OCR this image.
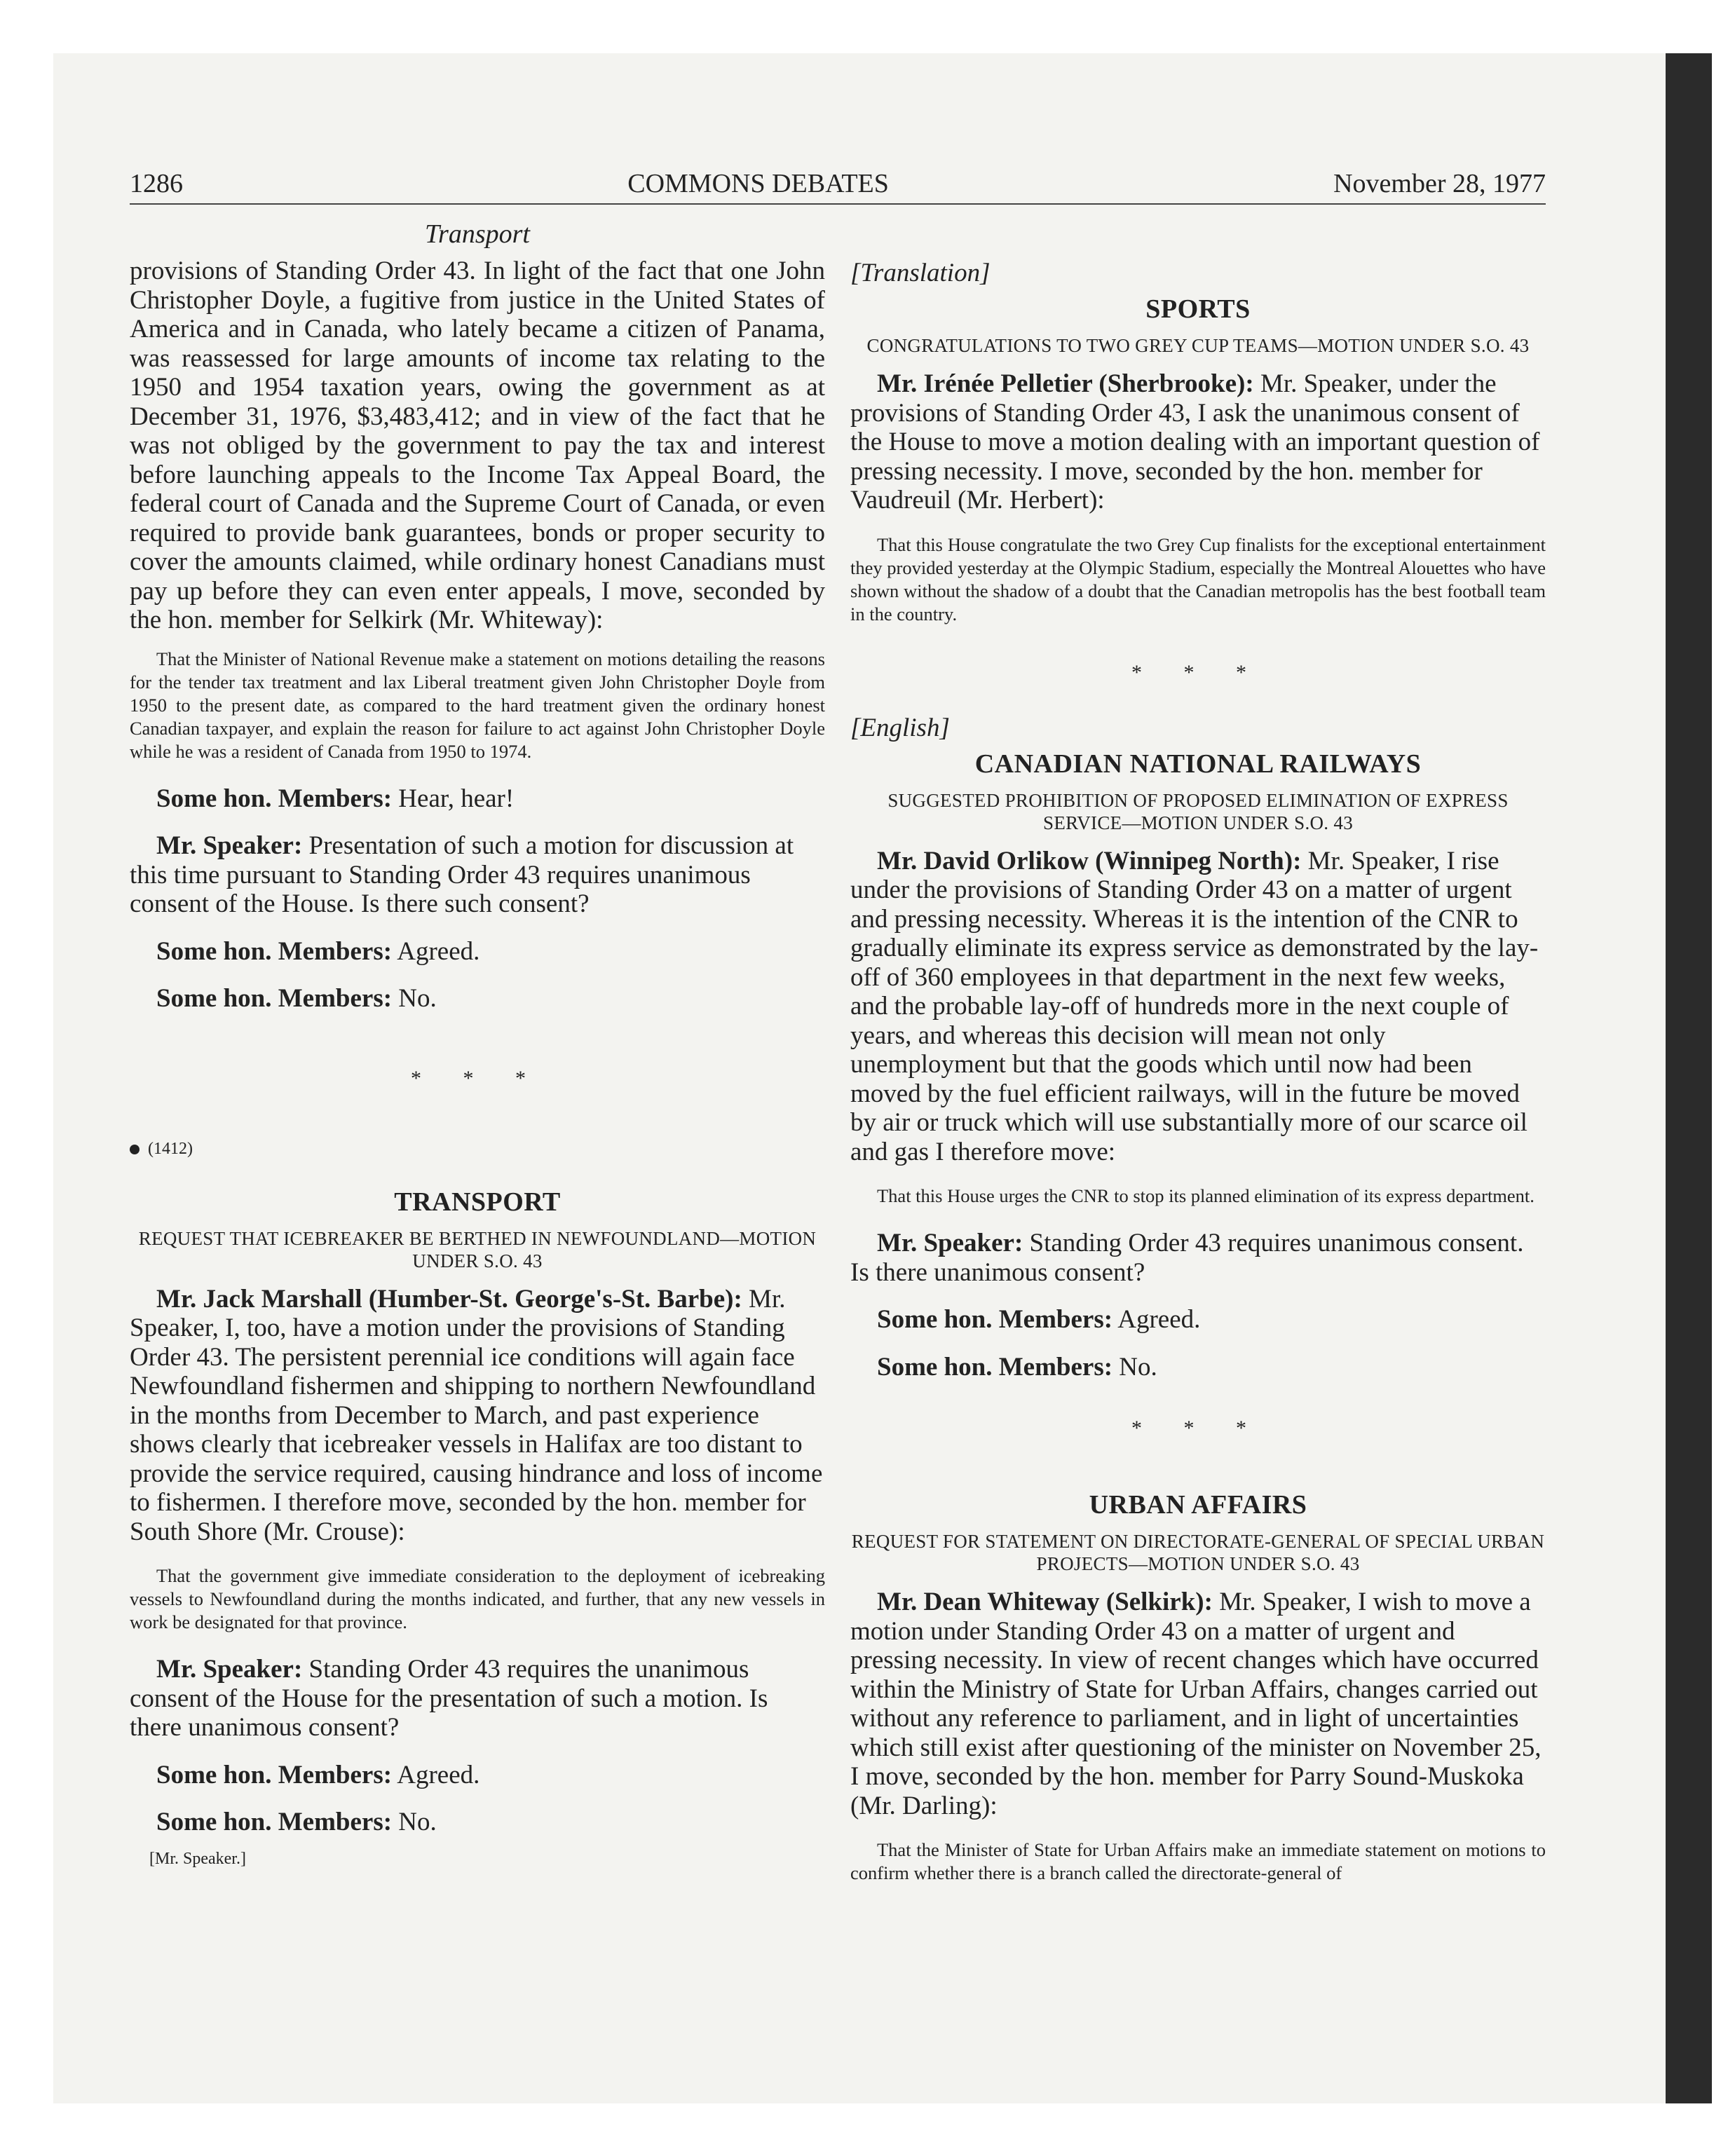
1286	COMMONS DEBATES	November 28, 1977

Transport

provisions of Standing Order 43. In light of the fact that one John Christopher Doyle, a fugitive from justice in the United States of America and in Canada, who lately became a citizen of Panama, was reassessed for large amounts of income tax relating to the 1950 and 1954 taxation years, owing the government as at December 31, 1976, $3,483,412; and in view of the fact that he was not obliged by the government to pay the tax and interest before launching appeals to the Income Tax Appeal Board, the federal court of Canada and the Supreme Court of Canada, or even required to provide bank guarantees, bonds or proper security to cover the amounts claimed, while ordinary honest Canadians must pay up before they can even enter appeals, I move, seconded by the hon. member for Selkirk (Mr. Whiteway):

That the Minister of National Revenue make a statement on motions detailing the reasons for the tender tax treatment and lax Liberal treatment given John Christopher Doyle from 1950 to the present date, as compared to the hard treatment given the ordinary honest Canadian taxpayer, and explain the reason for failure to act against John Christopher Doyle while he was a resident of Canada from 1950 to 1974.

Some hon. Members: Hear, hear!

Mr. Speaker: Presentation of such a motion for discussion at this time pursuant to Standing Order 43 requires unanimous consent of the House. Is there such consent?

Some hon. Members: Agreed.

Some hon. Members: No.

* * *
(1412)
TRANSPORT
REQUEST THAT ICEBREAKER BE BERTHED IN NEWFOUNDLAND—MOTION UNDER S.O. 43

Mr. Jack Marshall (Humber-St. George's-St. Barbe): Mr. Speaker, I, too, have a motion under the provisions of Standing Order 43. The persistent perennial ice conditions will again face Newfoundland fishermen and shipping to northern Newfoundland in the months from December to March, and past experience shows clearly that icebreaker vessels in Halifax are too distant to provide the service required, causing hindrance and loss of income to fishermen. I therefore move, seconded by the hon. member for South Shore (Mr. Crouse):

That the government give immediate consideration to the deployment of icebreaking vessels to Newfoundland during the months indicated, and further, that any new vessels in work be designated for that province.

Mr. Speaker: Standing Order 43 requires the unanimous consent of the House for the presentation of such a motion. Is there unanimous consent?

Some hon. Members: Agreed.

Some hon. Members: No.

[Mr. Speaker.]

[Translation]

SPORTS
CONGRATULATIONS TO TWO GREY CUP TEAMS—MOTION UNDER S.O. 43

Mr. Irénée Pelletier (Sherbrooke): Mr. Speaker, under the provisions of Standing Order 43, I ask the unanimous consent of the House to move a motion dealing with an important question of pressing necessity. I move, seconded by the hon. member for Vaudreuil (Mr. Herbert):

That this House congratulate the two Grey Cup finalists for the exceptional entertainment they provided yesterday at the Olympic Stadium, especially the Montreal Alouettes who have shown without the shadow of a doubt that the Canadian metropolis has the best football team in the country.

* * *

[English]

CANADIAN NATIONAL RAILWAYS
SUGGESTED PROHIBITION OF PROPOSED ELIMINATION OF EXPRESS SERVICE—MOTION UNDER S.O. 43

Mr. David Orlikow (Winnipeg North): Mr. Speaker, I rise under the provisions of Standing Order 43 on a matter of urgent and pressing necessity. Whereas it is the intention of the CNR to gradually eliminate its express service as demonstrated by the lay-off of 360 employees in that department in the next few weeks, and the probable lay-off of hundreds more in the next couple of years, and whereas this decision will mean not only unemployment but that the goods which until now had been moved by the fuel efficient railways, will in the future be moved by air or truck which will use substantially more of our scarce oil and gas I therefore move:

That this House urges the CNR to stop its planned elimination of its express department.

Mr. Speaker: Standing Order 43 requires unanimous consent. Is there unanimous consent?

Some hon. Members: Agreed.

Some hon. Members: No.

* * *
URBAN AFFAIRS
REQUEST FOR STATEMENT ON DIRECTORATE-GENERAL OF SPECIAL URBAN PROJECTS—MOTION UNDER S.O. 43

Mr. Dean Whiteway (Selkirk): Mr. Speaker, I wish to move a motion under Standing Order 43 on a matter of urgent and pressing necessity. In view of recent changes which have occurred within the Ministry of State for Urban Affairs, changes carried out without any reference to parliament, and in light of uncertainties which still exist after questioning of the minister on November 25, I move, seconded by the hon. member for Parry Sound-Muskoka (Mr. Darling):

That the Minister of State for Urban Affairs make an immediate statement on motions to confirm whether there is a branch called the directorate-general of
